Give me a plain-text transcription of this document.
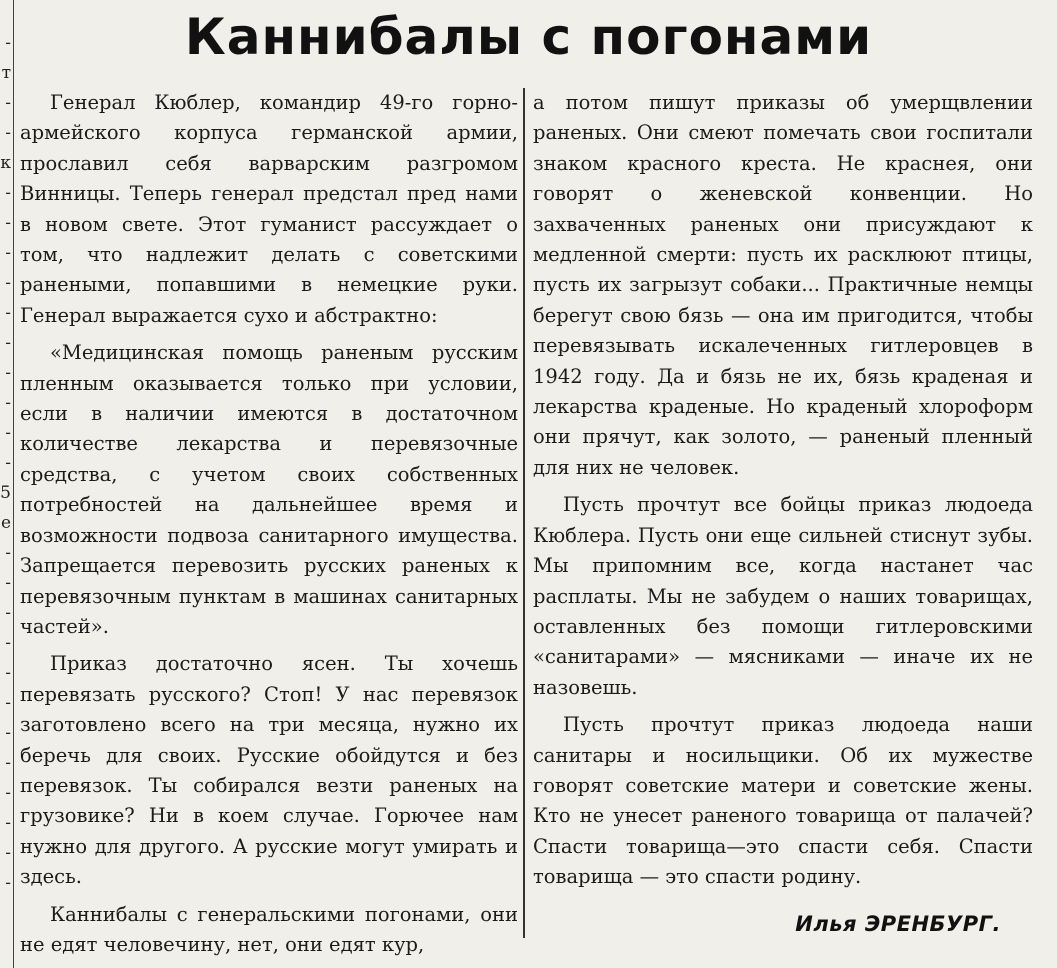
-
т
-
-
к
-
-
-
-
-
-
-
-
-
-
5
е
-
-
-
-
-
-
-
-
-
-
-
-
Каннибалы с погонами

Генерал Кюблер, командир 49-го горно-армейского корпуса германской армии, прославил себя варварским разгромом Винницы. Теперь генерал предстал пред нами в новом свете. Этот гуманист рассуждает о том, что надлежит делать с советскими ранеными, попавшими в немецкие руки. Генерал выражается сухо и абстрактно:

«Медицинская помощь раненым русским пленным оказывается только при условии, если в наличии имеются в достаточном количестве лекарства и перевязочные средства, с учетом своих собственных потребностей на дальнейшее время и возможности подвоза санитарного имущества. Запрещается перевозить русских раненых к перевязочным пунктам в машинах санитарных частей».

Приказ достаточно ясен. Ты хочешь перевязать русского? Стоп! У нас перевязок заготовлено всего на три месяца, нужно их беречь для своих. Русские обойдутся и без перевязок. Ты собирался везти раненых на грузовике? Ни в коем случае. Горючее нам нужно для другого. А русские могут умирать и здесь.

Каннибалы с генеральскими погонами, они не едят человечину, нет, они едят кур,

а потом пишут приказы об умерщвлении раненых. Они смеют помечать свои госпитали знаком красного креста. Не краснея, они говорят о женевской конвенции. Но захваченных раненых они присуждают к медленной смерти: пусть их расклюют птицы, пусть их загрызут собаки... Практичные немцы берегут свою бязь — она им пригодится, чтобы перевязывать искалеченных гитлеровцев в 1942 году. Да и бязь не их, бязь краденая и лекарства краденые. Но краденый хлороформ они прячут, как золото, — раненый пленный для них не человек.

Пусть прочтут все бойцы приказ людоеда Кюблера. Пусть они еще сильней стиснут зубы. Мы припомним все, когда настанет час расплаты. Мы не забудем о наших товарищах, оставленных без помощи гитлеровскими «санитарами» — мясниками — иначе их не назовешь.

Пусть прочтут приказ людоеда наши санитары и носильщики. Об их мужестве говорят советские матери и советские жены. Кто не унесет раненого товарища от палачей? Спасти товарища—это спасти себя. Спасти товарища — это спасти родину.

Илья ЭРЕНБУРГ.
